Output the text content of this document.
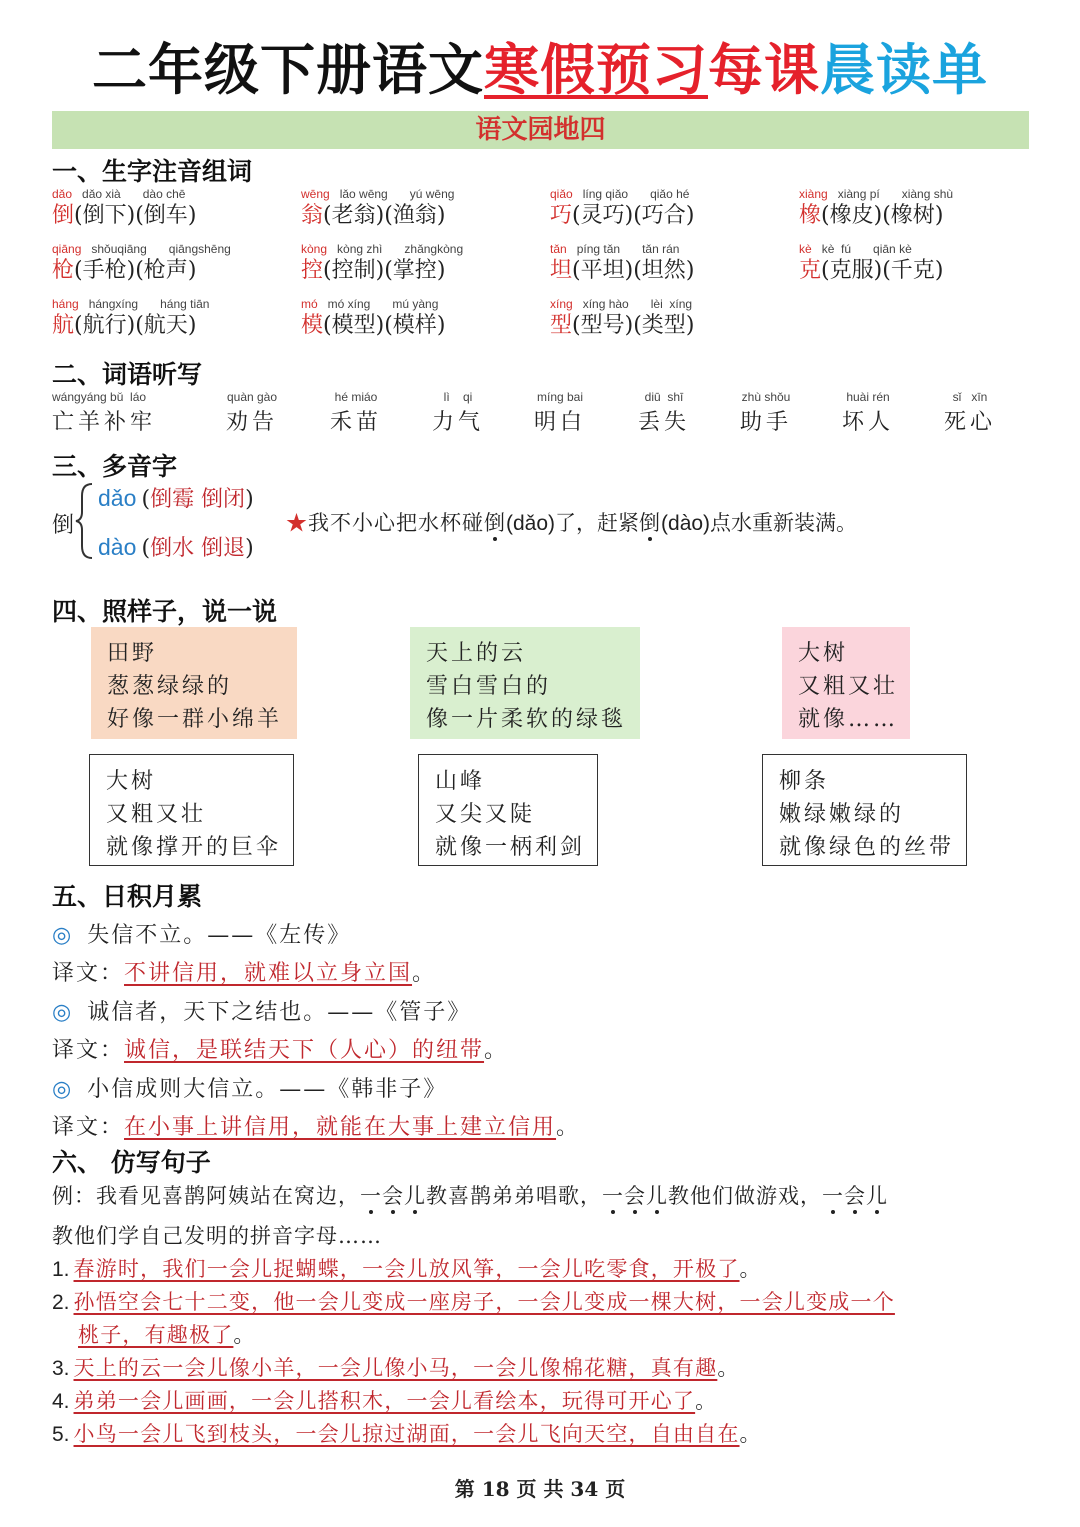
二年级下册语文寒假预习每课晨读单
语文园地四
一、生字注音组词
dǎo dǎo xià dào chē
倒(倒下)(倒车)
wēng lǎo wēng yú wēng
翁(老翁)(渔翁)
qiǎo líng qiǎo qiǎo hé
巧(灵巧)(巧合)
xiàng xiàng pí xiàng shù
橡(橡皮)(橡树)
qiāng shǒuqiāng qiāngshēng
枪(手枪)(枪声)
kòng kòng zhì zhǎngkòng
控(控制)(掌控)
tǎn píng tǎn tǎn rán
坦(平坦)(坦然)
kè kè  fú qiān kè
克(克服)(千克)
háng hángxíng háng tiān
航(航行)(航天)
mó mó xíng mú yàng
模(模型)(模样)
xíng xíng hào lèi  xíng
型(型号)(类型)
二、词语听写
wángyáng bǔ  láo
亡羊补牢
quàn gào
劝告
hé miáo
禾苗
lì    qi
力气
míng bai
明白
diū  shī
丢失
zhù shǒu
助手
huài rén
坏人
sǐ   xīn
死心
三、多音字
倒
dǎo (倒霉 倒闭)
dào (倒水 倒退)
★我不小心把水杯碰倒(dǎo)了，赶紧倒(dào)点水重新装满。
四、照样子，说一说
田野
葱葱绿绿的
好像一群小绵羊
天上的云
雪白雪白的
像一片柔软的绿毯
大树
又粗又壮
就像……
大树
又粗又壮
就像撑开的巨伞
山峰
又尖又陡
就像一柄利剑
柳条
嫩绿嫩绿的
就像绿色的丝带
五、日积月累
◎ 失信不立。——《左传》
译文：不讲信用，就难以立身立国。
◎ 诚信者，天下之结也。——《管子》
译文：诚信，是联结天下（人心）的纽带。
◎ 小信成则大信立。——《韩非子》
译文：在小事上讲信用，就能在大事上建立信用。
六、 仿写句子
例：我看见喜鹊阿姨站在窝边，一会儿教喜鹊弟弟唱歌，一会儿教他们做游戏，一会儿
教他们学自己发明的拼音字母……
1. 春游时，我们一会儿捉蝴蝶，一会儿放风筝，一会儿吃零食，开极了。
2. 孙悟空会七十二变，他一会儿变成一座房子，一会儿变成一棵大树，一会儿变成一个
桃子，有趣极了。
3. 天上的云一会儿像小羊，一会儿像小马，一会儿像棉花糖，真有趣。
4. 弟弟一会儿画画，一会儿搭积木，一会儿看绘本，玩得可开心了。
5. 小鸟一会儿飞到枝头，一会儿掠过湖面，一会儿飞向天空，自由自在。
第 18 页 共 34 页
